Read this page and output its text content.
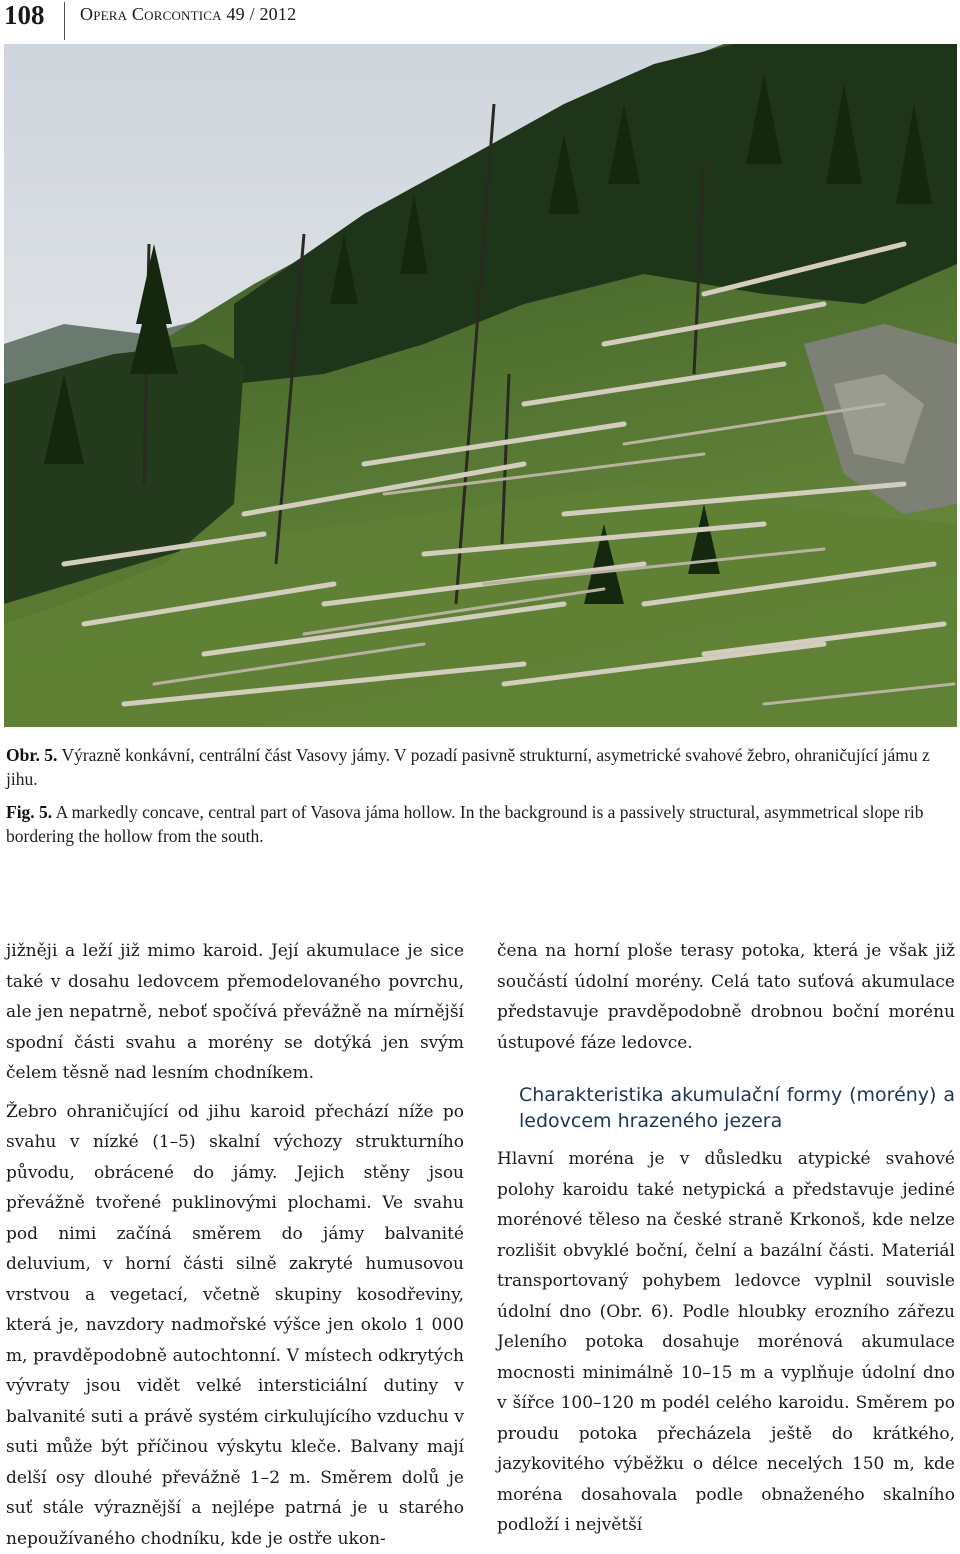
108 Opera Corcontica 49 / 2012
Obr. 5. Výrazně konkávní, centrální část Vasovy jámy. V pozadí pasivně strukturní, asymetrické svahové žebro, ohraničující jámu z jihu.
Fig. 5. A markedly concave, central part of Vasova jáma hollow. In the background is a passively structural, asymmetrical slope rib bordering the hollow from the south.

jižněji a leží již mimo karoid. Její akumulace je sice také v dosahu ledovcem přemodelovaného povrchu, ale jen nepatrně, neboť spočívá převážně na mírnější spodní části svahu a morény se dotýká jen svým čelem těsně nad lesním chodníkem.

Žebro ohraničující od jihu karoid přechází níže po svahu v nízké (1–5) skalní výchozy strukturního původu, obrácené do jámy. Jejich stěny jsou převážně tvořené puklinovými plochami. Ve svahu pod nimi začíná směrem do jámy balvanité deluvium, v horní části silně zakryté humusovou vrstvou a vegetací, včetně skupiny kosodřeviny, která je, navzdory nadmořské výšce jen okolo 1 000 m, pravděpodobně autochtonní. V místech odkrytých vývraty jsou vidět velké intersticiální dutiny v balvanité suti a právě systém cirkulujícího vzduchu v suti může být příčinou výskytu kleče. Balvany mají delší osy dlouhé převážně 1–2 m. Směrem dolů je suť stále výraznější a nejlépe patrná je u starého nepoužívaného chodníku, kde je ostře ukon-

čena na horní ploše terasy potoka, která je však již součástí údolní morény. Celá tato suťová akumulace představuje pravděpodobně drobnou boční morénu ústupové fáze ledovce.

Charakteristika akumulační formy (morény) a ledovcem hrazeného jezera

Hlavní moréna je v důsledku atypické svahové polohy karoidu také netypická a představuje jediné morénové těleso na české straně Krkonoš, kde nelze rozlišit obvyklé boční, čelní a bazální části. Materiál transportovaný pohybem ledovce vyplnil souvisle údolní dno (Obr. 6). Podle hloubky erozního zářezu Jeleního potoka dosahuje morénová akumulace mocnosti minimálně 10–15 m a vyplňuje údolní dno v šířce 100–120 m podél celého karoidu. Směrem po proudu potoka přecházela ještě do krátkého, jazykovitého výběžku o délce necelých 150 m, kde moréna dosahovala podle obnaženého skalního podloží i největší
